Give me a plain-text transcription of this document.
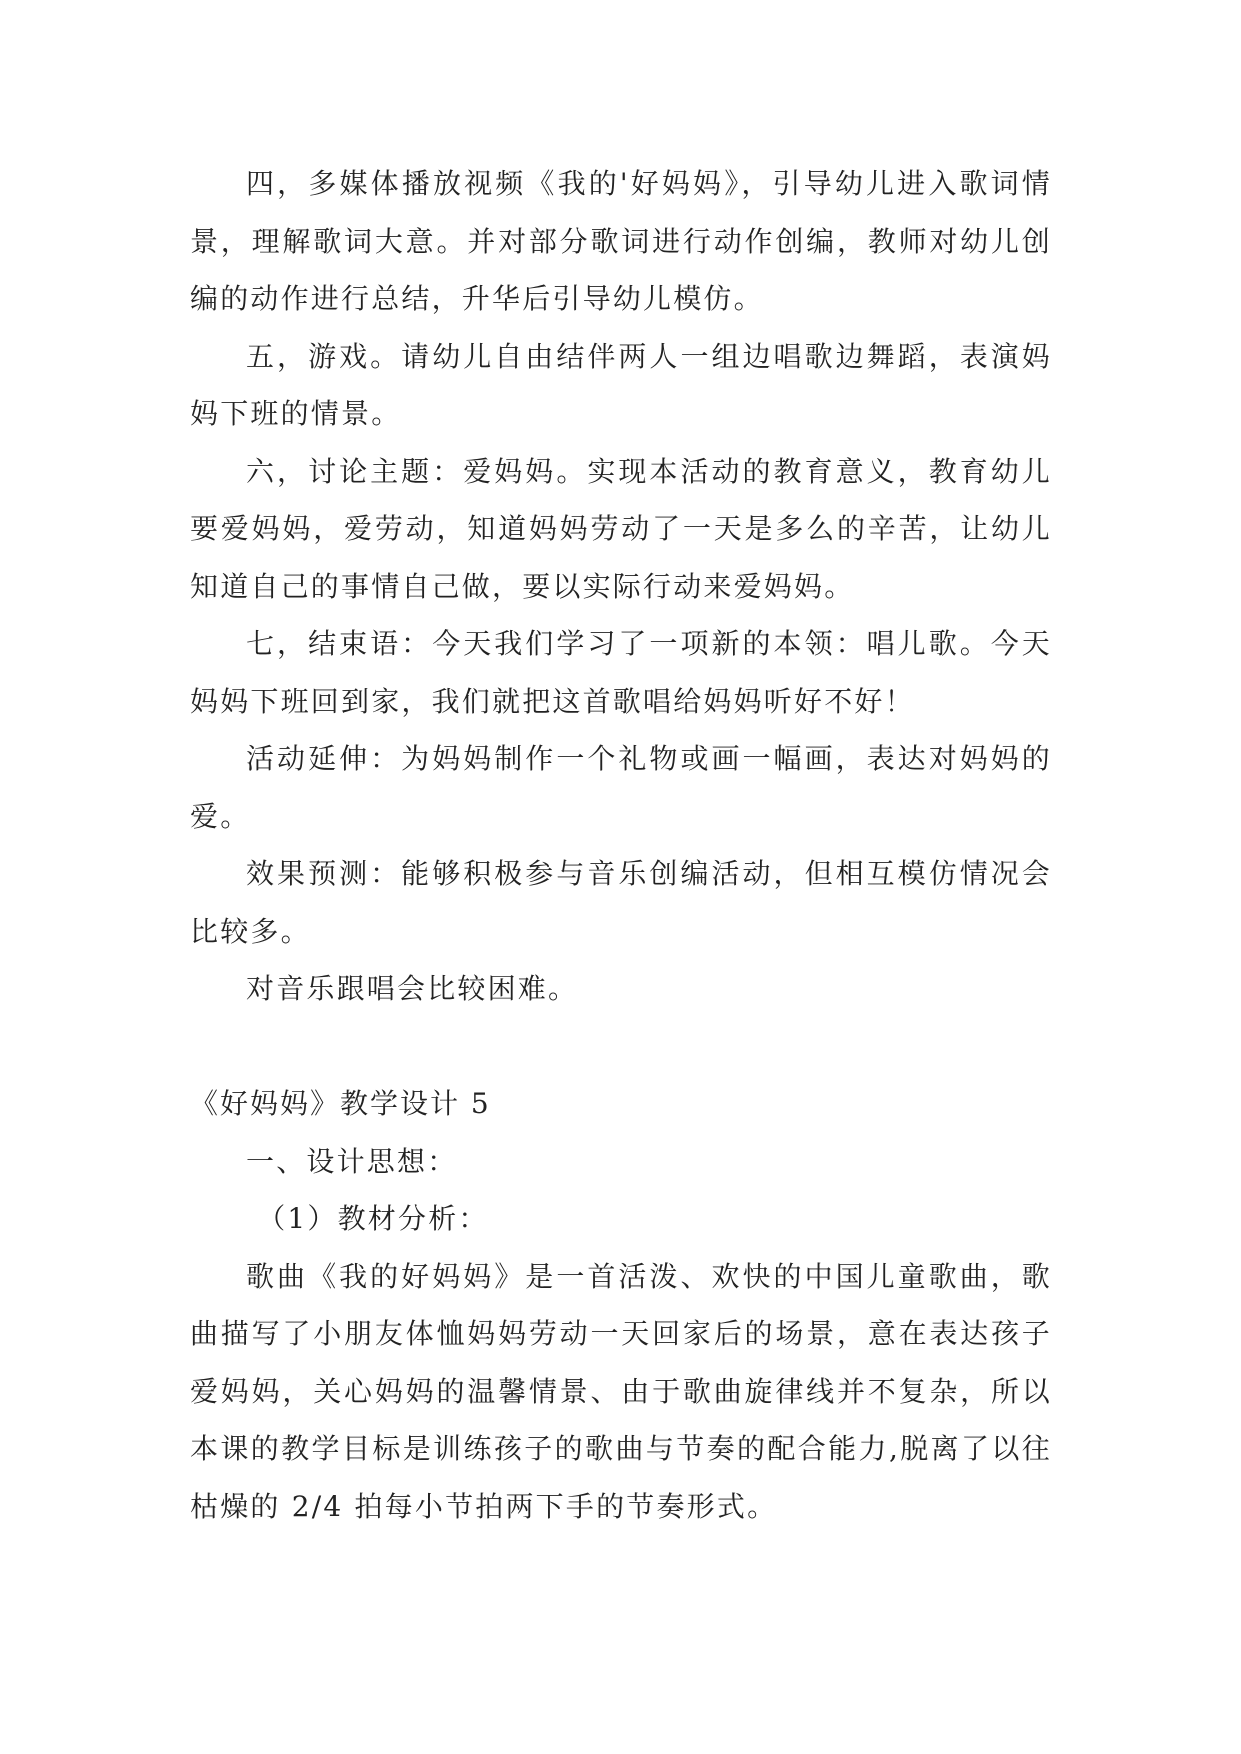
四，多媒体播放视频《我的'好妈妈》，引导幼儿进入歌词情景，理解歌词大意。并对部分歌词进行动作创编，教师对幼儿创编的动作进行总结，升华后引导幼儿模仿。

五，游戏。请幼儿自由结伴两人一组边唱歌边舞蹈，表演妈妈下班的情景。

六，讨论主题：爱妈妈。实现本活动的教育意义，教育幼儿要爱妈妈，爱劳动，知道妈妈劳动了一天是多么的辛苦，让幼儿知道自己的事情自己做，要以实际行动来爱妈妈。

七，结束语：今天我们学习了一项新的本领：唱儿歌。今天妈妈下班回到家，我们就把这首歌唱给妈妈听好不好！

活动延伸：为妈妈制作一个礼物或画一幅画，表达对妈妈的爱。

效果预测：能够积极参与音乐创编活动，但相互模仿情况会比较多。

对音乐跟唱会比较困难。

《好妈妈》教学设计 5

一、设计思想：

（1）教材分析：

歌曲《我的好妈妈》是一首活泼、欢快的中国儿童歌曲，歌曲描写了小朋友体恤妈妈劳动一天回家后的场景，意在表达孩子爱妈妈，关心妈妈的温馨情景、由于歌曲旋律线并不复杂，所以本课的教学目标是训练孩子的歌曲与节奏的配合能力,脱离了以往枯燥的 2/4 拍每小节拍两下手的节奏形式。
